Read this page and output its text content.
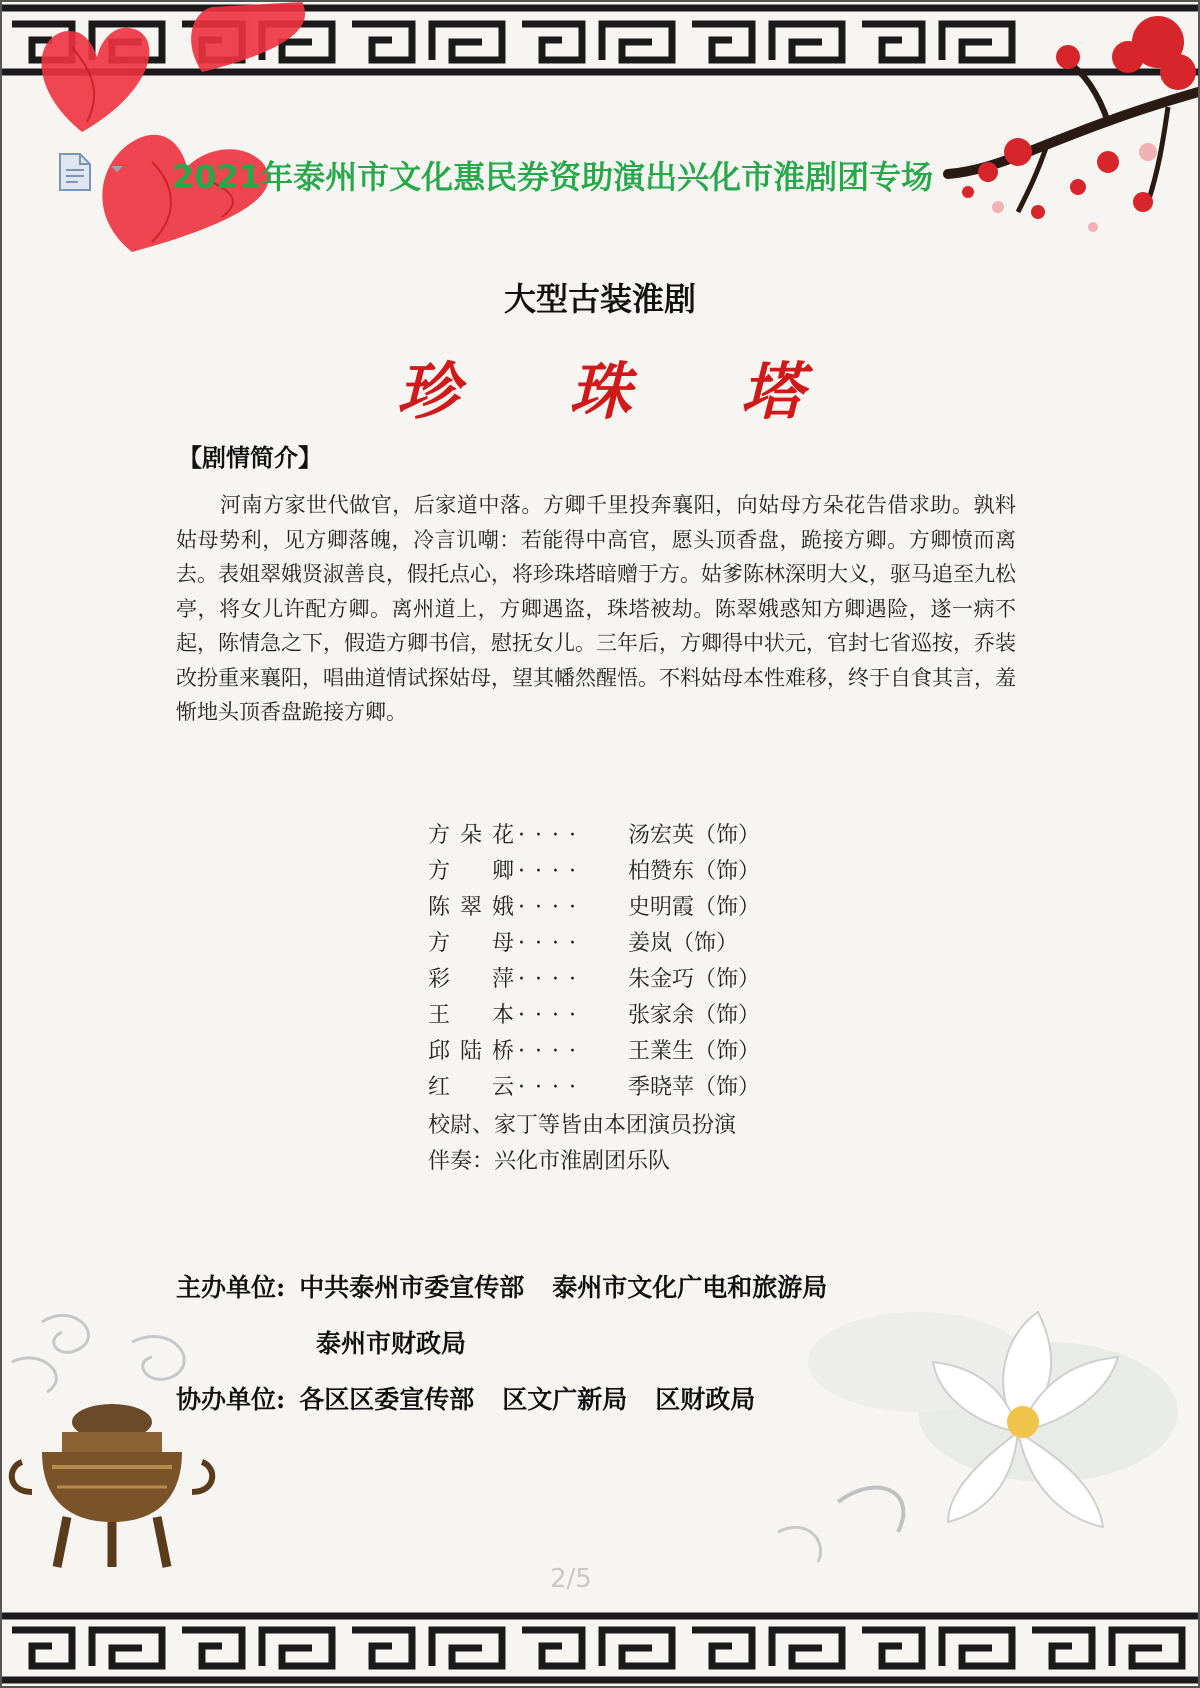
2021年泰州市文化惠民券资助演出兴化市淮剧团专场
大型古装淮剧
珍珠塔
【剧情简介】

河南方家世代做官，后家道中落。方卿千里投奔襄阳，向姑母方朵花告借求助。孰料姑母势利，见方卿落魄，冷言讥嘲：若能得中高官，愿头顶香盘，跪接方卿。方卿愤而离去。表姐翠娥贤淑善良，假托点心，将珍珠塔暗赠于方。姑爹陈林深明大义，驱马追至九松亭，将女儿许配方卿。离州道上，方卿遇盗，珠塔被劫。陈翠娥惑知方卿遇险，遂一病不起，陈情急之下，假造方卿书信，慰抚女儿。三年后，方卿得中状元，官封七省巡按，乔装改扮重来襄阳，唱曲道情试探姑母，望其幡然醒悟。不料姑母本性难移，终于自食其言，羞惭地头顶香盘跪接方卿。

方朵花 ···· 汤宏英（饰）
方卿 ···· 柏赞东（饰）
陈翠娥 ···· 史明霞（饰）
方母 ···· 姜岚（饰）
彩萍 ···· 朱金巧（饰）
王本 ···· 张家余（饰）
邱陆桥 ···· 王業生（饰）
红云 ···· 季晓苹（饰）
校尉、家丁等皆由本团演员扮演
伴奏：兴化市淮剧团乐队
主办单位: 中共泰州市委宣传部 泰州市文化广电和旅游局
泰州市财政局
协办单位: 各区区委宣传部 区文广新局 区财政局
2/5
